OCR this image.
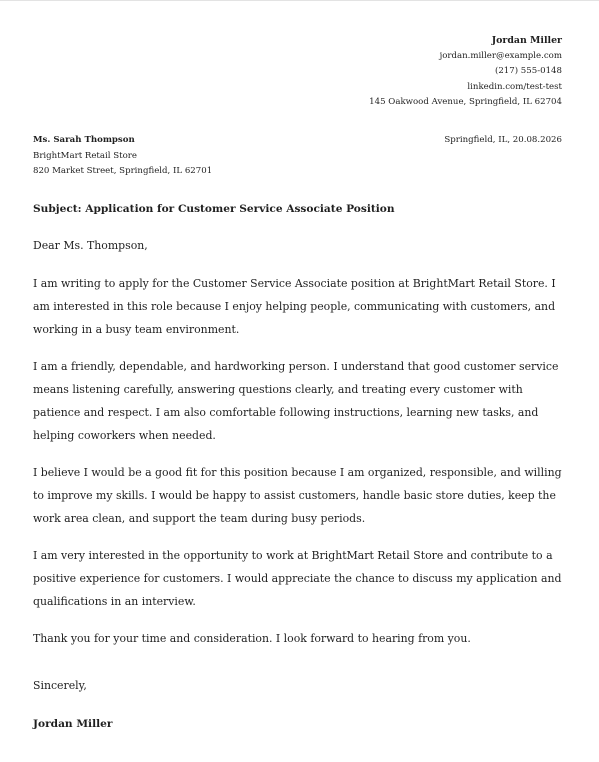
Jordan Miller
jordan.miller@example.com
(217) 555-0148
linkedin.com/test-test
145 Oakwood Avenue, Springfield, IL 62704
Ms. Sarah Thompson
BrightMart Retail Store
820 Market Street, Springfield, IL 62701
Springfield, IL, 20.08.2026
Subject: Application for Customer Service Associate Position
Dear Ms. Thompson,

I am writing to apply for the Customer Service Associate position at BrightMart Retail Store. I am interested in this role because I enjoy helping people, communicating with customers, and working in a busy team environment.

I am a friendly, dependable, and hardworking person. I understand that good customer service means listening carefully, answering questions clearly, and treating every customer with patience and respect. I am also comfortable following instructions, learning new tasks, and helping coworkers when needed.

I believe I would be a good fit for this position because I am organized, responsible, and willing to improve my skills. I would be happy to assist customers, handle basic store duties, keep the work area clean, and support the team during busy periods.

I am very interested in the opportunity to work at BrightMart Retail Store and contribute to a positive experience for customers. I would appreciate the chance to discuss my application and qualifications in an interview.

Thank you for your time and consideration. I look forward to hearing from you.

Sincerely,
Jordan Miller
